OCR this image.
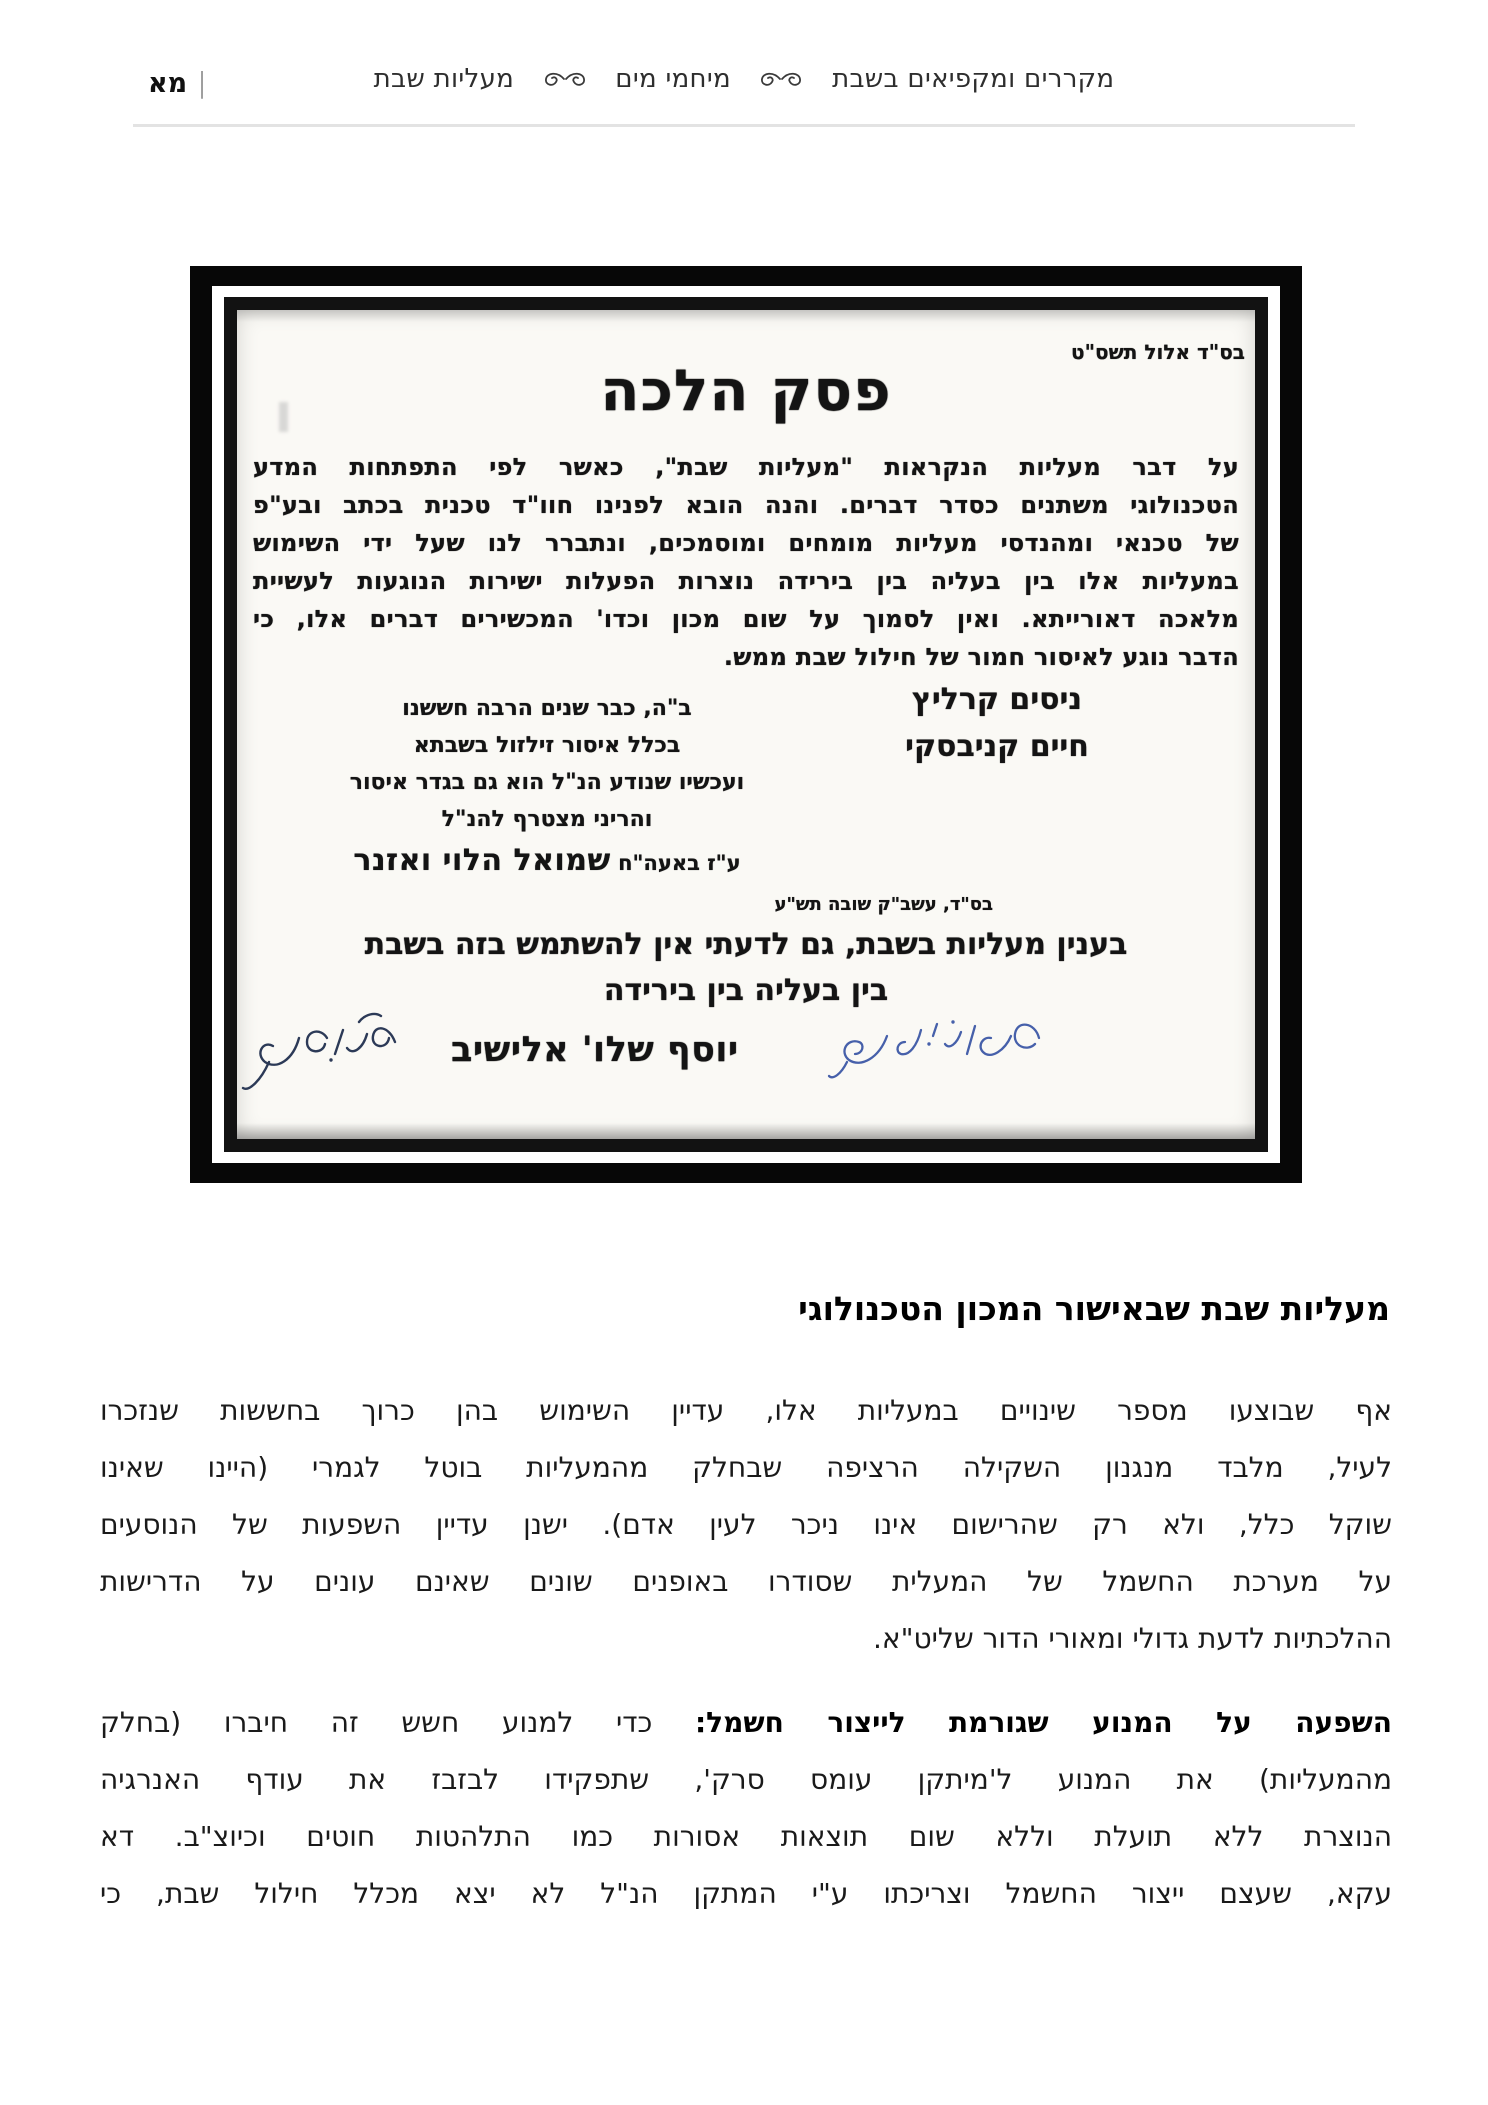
מא |	מקררים ומקפיאים בשבת  מיחמי מים  מעליות שבת
בס"ד אלול תשס"ט
פסק הלכה
על דבר מעליות הנקראות "מעליות שבת", כאשר לפי התפתחות המדע
הטכנולוגי משתנים כסדר דברים. והנה הובא לפנינו חוו"ד טכנית בכתב ובע"פ
של טכנאי ומהנדסי מעליות מומחים ומוסמכים, ונתברר לנו שעל ידי השימוש
במעליות אלו בין בעליה בין בירידה נוצרות הפעלות ישירות הנוגעות לעשיית
מלאכה דאורייתא. ואין לסמוך על שום מכון וכדו' המכשירים דברים אלו, כי
הדבר נוגע לאיסור חמור של חילול שבת ממש.
ניסים קרליץ
חיים קניבסקי
ב"ה, כבר שנים הרבה חששנו
בכלל איסור זילזול בשבתא
ועכשיו שנודע הנ"ל הוא גם בגדר איסור
והריני מצטרף להנ"ל
ע"ז באעה"ח שמואל הלוי ואזנר
בס"ד, עשב"ק שובה תש"ע
בענין מעליות בשבת, גם לדעתי אין להשתמש בזה בשבת
בין בעליה בין בירידה
יוסף שלו' אלישיב
מעליות שבת שבאישור המכון הטכנולוגי
אף שבוצעו מספר שינויים במעליות אלו, עדיין השימוש בהן כרוך בחששות שנזכרו
לעיל, מלבד מנגנון השקילה הרציפה שבחלק מהמעליות בוטל לגמרי (היינו שאינו
שוקל כלל, ולא רק שהרישום אינו ניכר לעין אדם). ישנן עדיין השפעות של הנוסעים
על מערכת החשמל של המעלית שסודרו באופנים שונים שאינם עונים על הדרישות
ההלכתיות לדעת גדולי ומאורי הדור שליט"א.
השפעה על המנוע שגורמת לייצור חשמל: כדי למנוע חשש זה חיברו (בחלק
מהמעליות) את המנוע ל'מיתקן עומס סרק', שתפקידו לבזבז את עודף האנרגיה
הנוצרת ללא תועלת וללא שום תוצאות אסורות כמו התלהטות חוטים וכיוצ"ב. דא
עקא, שעצם ייצור החשמל וצריכתו ע"י המתקן הנ"ל לא יצא מכלל חילול שבת, כי
